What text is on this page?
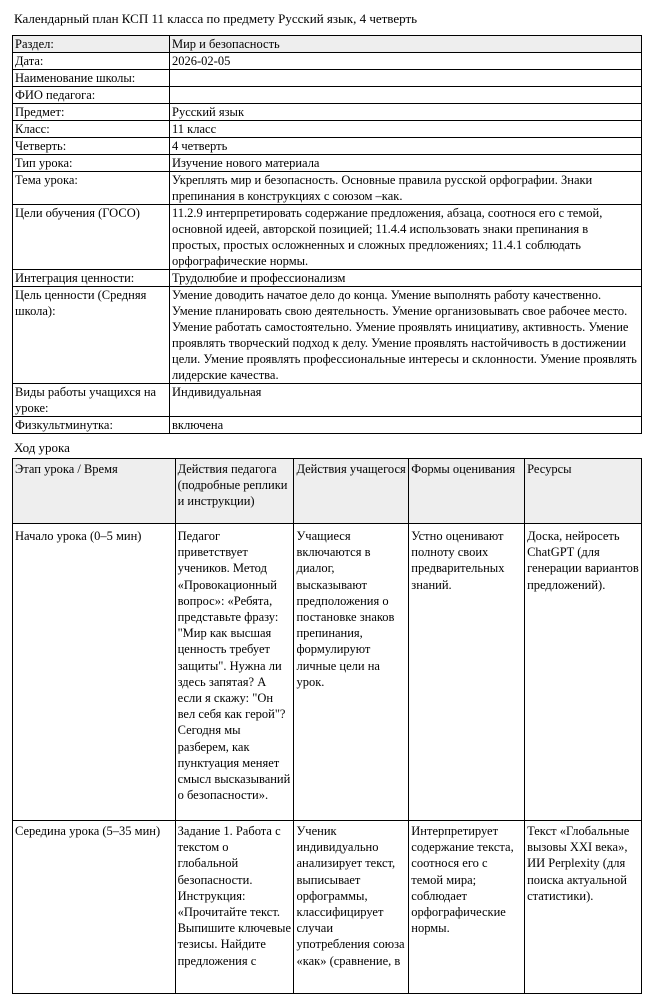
Календарный план КСП 11 класса по предмету Русский язык, 4 четверть
Раздел:	Мир и безопасность
Дата:	2026-02-05
Наименование школы:	
ФИО педагога:	
Предмет:	Русский язык
Класс:	11 класс
Четверть:	4 четверть
Тип урока:	Изучение нового материала
Тема урока:	Укреплять мир и безопасность. Основные правила русской орфографии. Знаки препинания в конструкциях с союзом –как.
Цели обучения (ГОСО)	11.2.9 интерпретировать содержание предложения, абзаца, соотнося его с темой, основной идеей, авторской позицией; 11.4.4 использовать знаки препинания в простых, простых осложненных и сложных предложениях; 11.4.1 соблюдать орфографические нормы.
Интеграция ценности:	Трудолюбие и профессионализм
Цель ценности (Средняя школа):	Умение доводить начатое дело до конца. Умение выполнять работу качественно. Умение планировать свою деятельность. Умение организовывать свое рабочее место. Умение работать самостоятельно. Умение проявлять инициативу, активность. Умение проявлять творческий подход к делу. Умение проявлять настойчивость в достижении цели. Умение проявлять профессиональные интересы и склонности. Умение проявлять лидерские качества.
Виды работы учащихся на уроке:	Индивидуальная
Физкультминутка:	включена
Ход урока
Этап урока / Время	Действия педагога (подробные реплики и инструкции)	Действия учащегося	Формы оценивания	Ресурсы
Начало урока (0–5 мин)	Педагог приветствует учеников. Метод «Провокационный вопрос»: «Ребята, представьте фразу: "Мир как высшая ценность требует защиты". Нужна ли здесь запятая? А если я скажу: "Он вел себя как герой"? Сегодня мы разберем, как пунктуация меняет смысл высказываний о безопасности».	Учащиеся включаются в диалог, высказывают предположения о постановке знаков препинания, формулируют личные цели на урок.	Устно оценивают полноту своих предварительных знаний.	Доска, нейросеть ChatGPT (для генерации вариантов предложений).
Середина урока (5–35 мин)	Задание 1. Работа с текстом о глобальной безопасности. Инструкция: «Прочитайте текст. Выпишите ключевые тезисы. Найдите предложения с	Ученик индивидуально анализирует текст, выписывает орфограммы, классифицирует случаи употребления союза «как» (сравнение, в	Интерпретирует содержание текста, соотнося его с темой мира; соблюдает орфографические нормы.	Текст «Глобальные вызовы XXI века», ИИ Perplexity (для поиска актуальной статистики).
